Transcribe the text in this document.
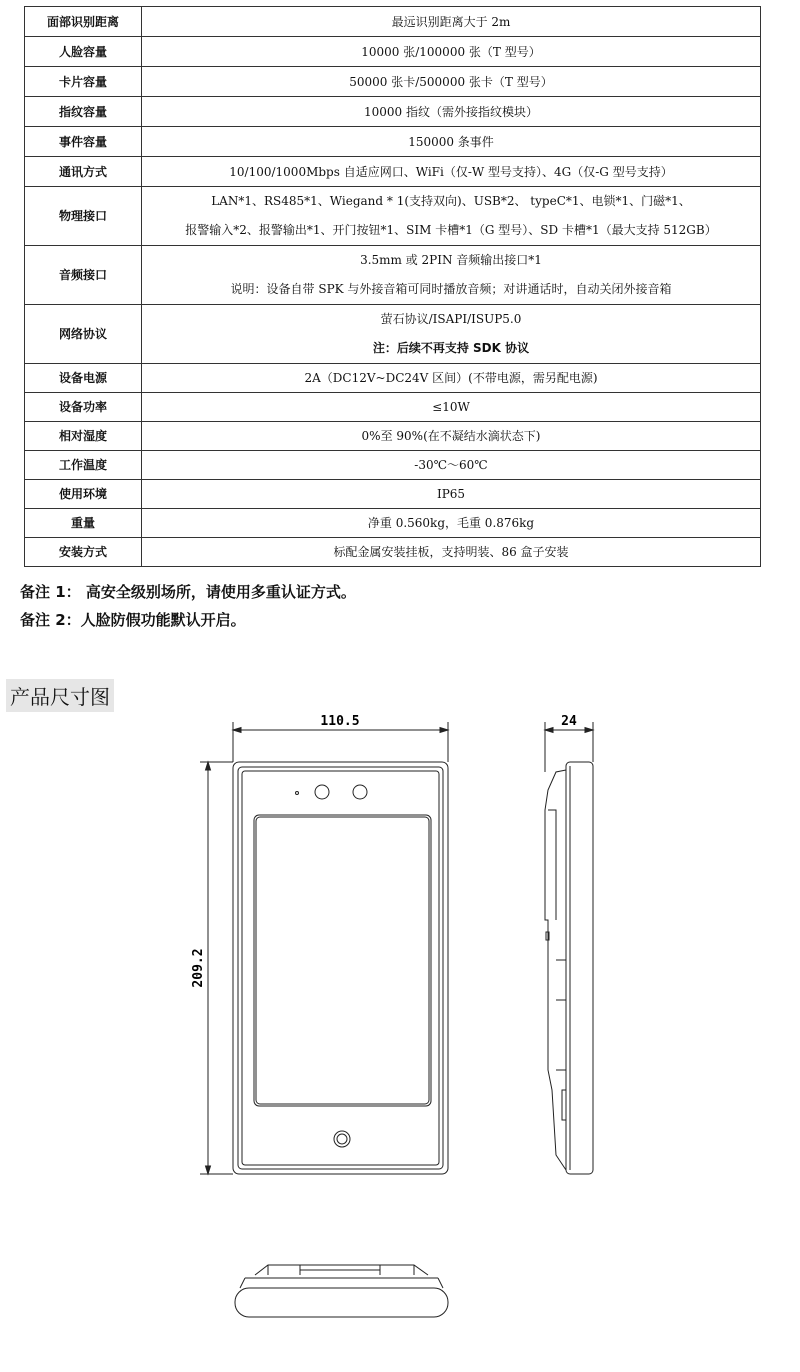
面部识别距离	最远识别距离大于 2m
人脸容量	10000 张/100000 张（T 型号）
卡片容量	50000 张卡/500000 张卡（T 型号）
指纹容量	10000 指纹（需外接指纹模块）
事件容量	150000 条事件
通讯方式	10/100/1000Mbps 自适应网口、WiFi（仅-W 型号支持）、4G（仅-G 型号支持）
物理接口	LAN*1、RS485*1、Wiegand * 1(支持双向)、USB*2、 typeC*1、电锁*1、门磁*1、
报警输入*2、报警输出*1、开门按钮*1、SIM 卡槽*1（G 型号）、SD 卡槽*1（最大支持 512GB）

音频接口	3.5mm 或 2PIN 音频输出接口*1
说明：设备自带 SPK 与外接音箱可同时播放音频；对讲通话时，自动关闭外接音箱

网络协议	萤石协议/ISAPI/ISUP5.0
注：后续不再支持 SDK 协议

设备电源	2A（DC12V~DC24V 区间）(不带电源，需另配电源)
设备功率	≤10W
相对湿度	0%至 90%(在不凝结水滴状态下)
工作温度	-30℃～60℃
使用环境	IP65
重量	净重 0.560kg，毛重 0.876kg
安装方式	标配金属安装挂板，支持明装、86 盒子安装
备注 1： 高安全级别场所，请使用多重认证方式。
备注 2：人脸防假功能默认开启。
产品尺寸图
110.5	24
209.2
